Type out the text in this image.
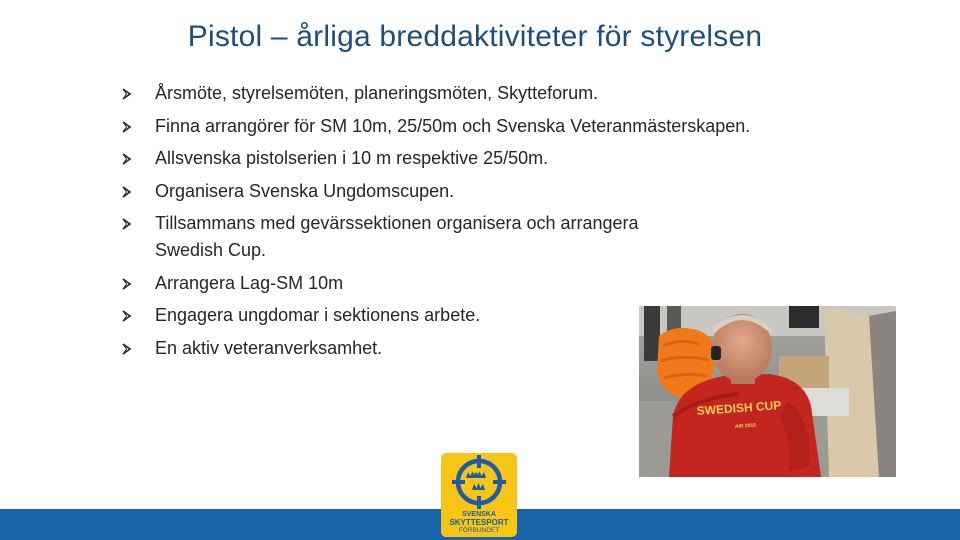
Pistol – årliga breddaktiviteter för styrelsen
Årsmöte, styrelsemöten, planeringsmöten, Skytteforum.
Finna arrangörer för SM 10m, 25/50m och Svenska Veteranmästerskapen.
Allsvenska pistolserien i 10 m respektive 25/50m.
Organisera Svenska Ungdomscupen.
Tillsammans med gevärssektionen organisera och arrangera
Swedish Cup.
Arrangera Lag-SM 10m
Engagera ungdomar i sektionens arbete.
En aktiv veteranverksamhet.
SWEDISH CUP
AIR 2019
SVENSKA
SKYTTESPORT
FÖRBUNDET
